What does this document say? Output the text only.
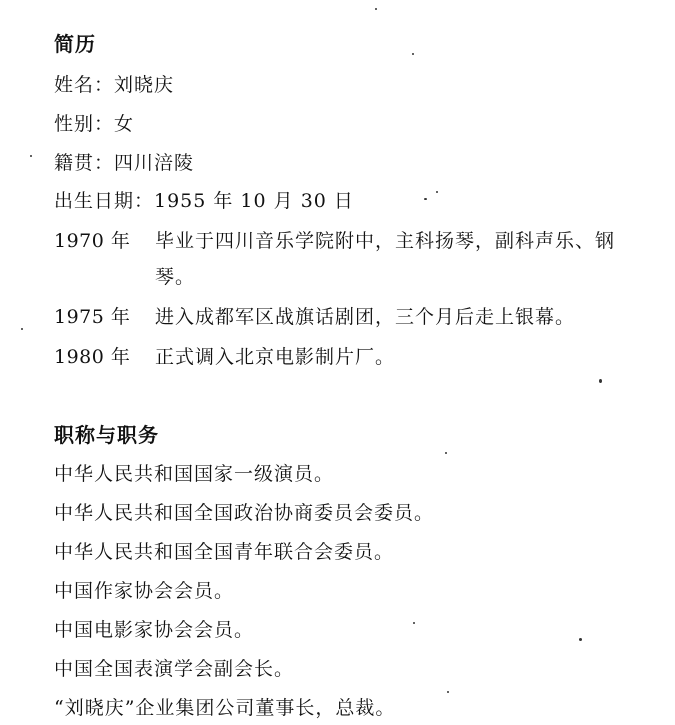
简历
姓名：刘晓庆
性别：女
籍贯：四川涪陵
出生日期：1955 年 10 月 30 日
1970 年 毕业于四川音乐学院附中，主科扬琴，副科声乐、钢
琴。
1975 年 进入成都军区战旗话剧团，三个月后走上银幕。
1980 年 正式调入北京电影制片厂。
职称与职务
中华人民共和国国家一级演员。
中华人民共和国全国政治协商委员会委员。
中华人民共和国全国青年联合会委员。
中国作家协会会员。
中国电影家协会会员。
中国全国表演学会副会长。
“刘晓庆”企业集团公司董事长，总裁。
